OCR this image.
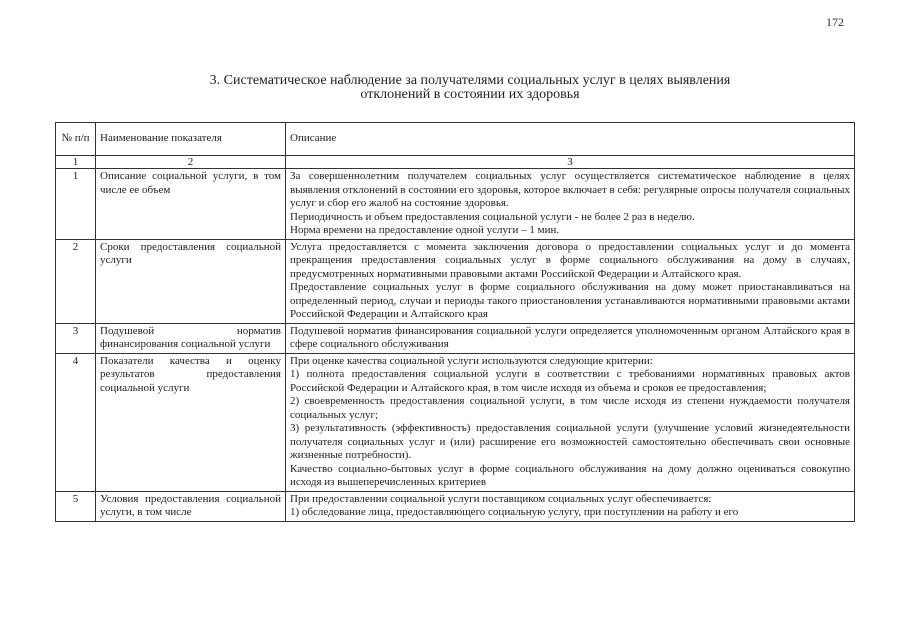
172
3. Систематическое наблюдение за получателями социальных услуг в целях выявления
отклонений в состоянии их здоровья
№ п/п	Наименование показателя	Описание
1	2	3
1	Описание социальной услуги, в том числе ее объем	За совершеннолетним получателем социальных услуг осуществляется систематическое наблюдение в целях выявления отклонений в состоянии его здоровья, которое включает в себя: регулярные опросы получателя социальных услуг и сбор его жалоб на состояние здоровья.

Периодичность и объем предоставления социальной услуги - не более 2 раз в неделю.

Норма времени на предоставление одной услуги – 1 мин.

2	Сроки предоставления социальной услуги	Услуга предоставляется с момента заключения договора о предоставлении социальных услуг и до момента прекращения предоставления социальных услуг в форме социального обслуживания на дому в случаях, предусмотренных нормативными правовыми актами Российской Федерации и Алтайского края.

Предоставление социальных услуг в форме социального обслуживания на дому может приостанавливаться на определенный период, случаи и периоды такого приостановления устанавливаются нормативными правовыми актами Российской Федерации и Алтайского края

3	Подушевой норматив финансирования социальной услуги	Подушевой норматив финансирования социальной услуги определяется уполномоченным органом Алтайского края в сфере социального обслуживания

4	Показатели качества и оценку результатов предоставления социальной услуги	При оценке качества социальной услуги используются следующие критерии:

1) полнота предоставления социальной услуги в соответствии с требованиями нормативных правовых актов Российской Федерации и Алтайского края, в том числе исходя из объема и сроков ее предоставления;

2) своевременность предоставления социальной услуги, в том числе исходя из степени нуждаемости получателя социальных услуг;

3) результативность (эффективность) предоставления социальной услуги (улучшение условий жизнедеятельности получателя социальных услуг и (или) расширение его возможностей самостоятельно обеспечивать свои основные жизненные потребности).

Качество социально-бытовых услуг в форме социального обслуживания на дому должно оцениваться совокупно исходя из вышеперечисленных критериев

5	Условия предоставления социальной услуги, в том числе	При предоставлении социальной услуги поставщиком социальных услуг обеспечивается:

1) обследование лица, предоставляющего социальную услугу, при поступлении на работу и его
